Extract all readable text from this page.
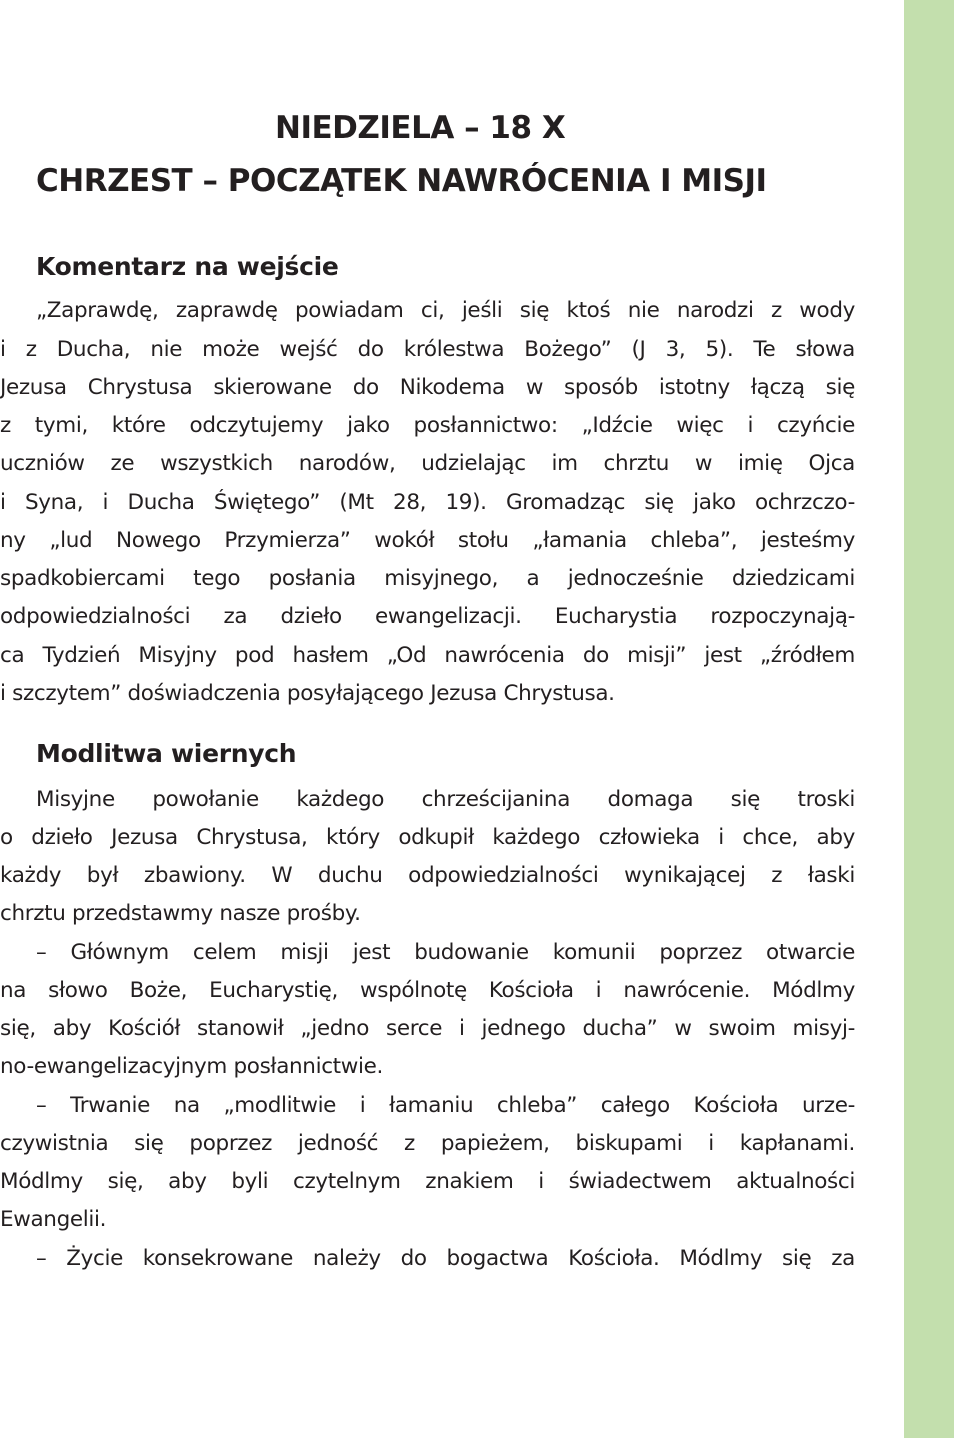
NIEDZIELA – 18 X
CHRZEST – POCZĄTEK NAWRÓCENIA I MISJI
Komentarz na wejście
„Zaprawdę, zaprawdę powiadam ci, jeśli się ktoś nie narodzi z wody
i z Ducha, nie może wejść do królestwa Bożego” (J 3, 5). Te słowa
Jezusa Chrystusa skierowane do Nikodema w sposób istotny łączą się
z tymi, które odczytujemy jako posłannictwo: „Idźcie więc i czyńcie
uczniów ze wszystkich narodów, udzielając im chrztu w imię Ojca
i Syna, i Ducha Świętego” (Mt 28, 19). Gromadząc się jako ochrzczo-
ny „lud Nowego Przymierza” wokół stołu „łamania chleba”, jesteśmy
spadkobiercami tego posłania misyjnego, a jednocześnie dziedzicami
odpowiedzialności za dzieło ewangelizacji. Eucharystia rozpoczynają-
ca Tydzień Misyjny pod hasłem „Od nawrócenia do misji” jest „źródłem
i szczytem” doświadczenia posyłającego Jezusa Chrystusa.
Modlitwa wiernych
Misyjne powołanie każdego chrześcijanina domaga się troski
o dzieło Jezusa Chrystusa, który odkupił każdego człowieka i chce, aby
każdy był zbawiony. W duchu odpowiedzialności wynikającej z łaski
chrztu przedstawmy nasze prośby.
– Głównym celem misji jest budowanie komunii poprzez otwarcie
na słowo Boże, Eucharystię, wspólnotę Kościoła i nawrócenie. Módlmy
się, aby Kościół stanowił „jedno serce i jednego ducha” w swoim misyj-
no-ewangelizacyjnym posłannictwie.
– Trwanie na „modlitwie i łamaniu chleba” całego Kościoła urze-
czywistnia się poprzez jedność z papieżem, biskupami i kapłanami.
Módlmy się, aby byli czytelnym znakiem i świadectwem aktualności
Ewangelii.
– Życie konsekrowane należy do bogactwa Kościoła. Módlmy się za
